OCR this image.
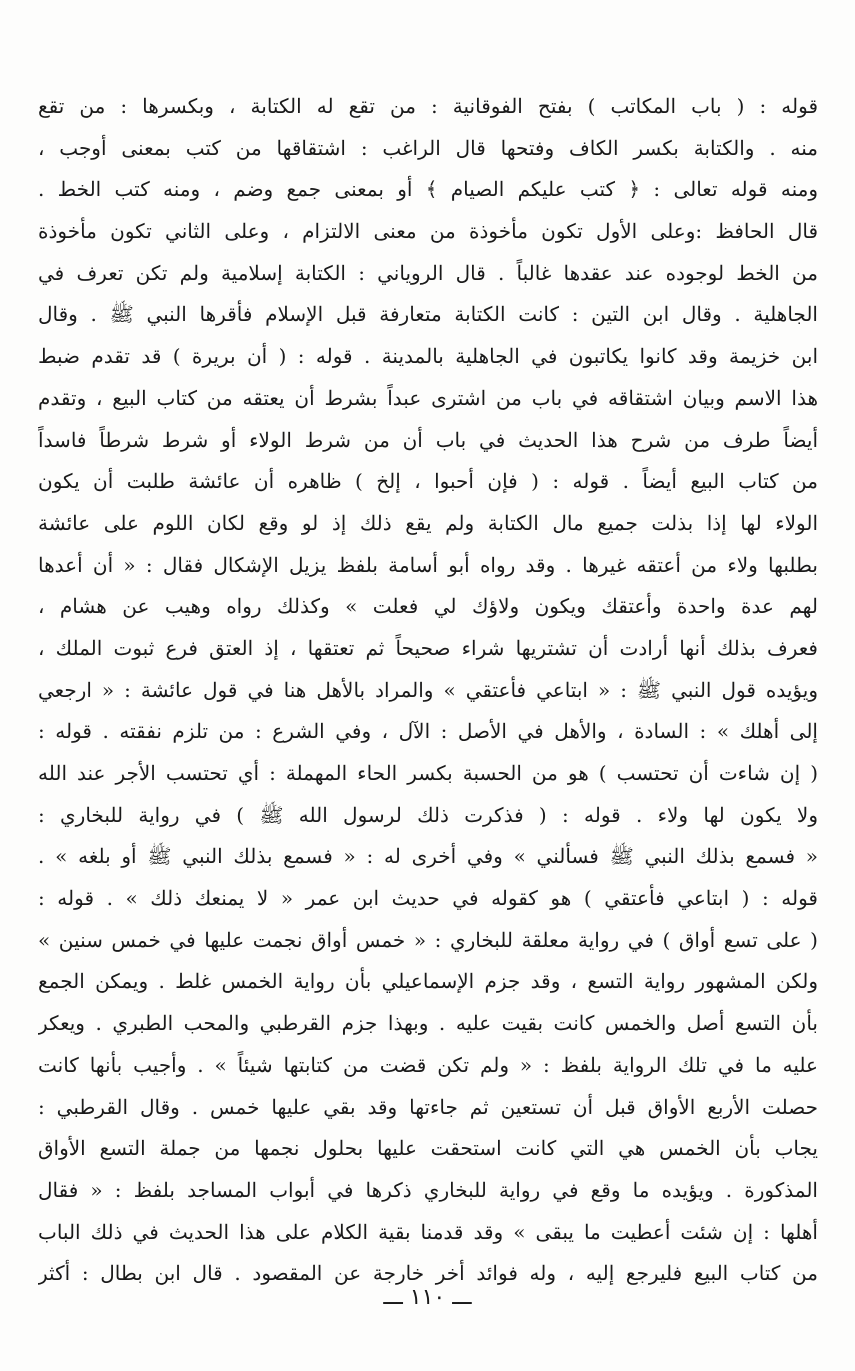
قوله : ( باب المكاتب ) بفتح الفوقانية : من تقع له الكتابة ، وبكسرها : من تقع
منه . والكتابة بكسر الكاف وفتحها قال الراغب : اشتقاقها من كتب بمعنى أوجب ،
ومنه قوله تعالى : ﴿ كتب عليكم الصيام ﴾ أو بمعنى جمع وضم ، ومنه كتب الخط .
قال الحافظ :وعلى الأول تكون مأخوذة من معنى الالتزام ، وعلى الثاني تكون مأخوذة
من الخط لوجوده عند عقدها غالباً . قال الروياني : الكتابة إسلامية ولم تكن تعرف في
الجاهلية . وقال ابن التين : كانت الكتابة متعارفة قبل الإسلام فأقرها النبي ﷺ . وقال
ابن خزيمة وقد كانوا يكاتبون في الجاهلية بالمدينة . قوله : ( أن بريرة ) قد تقدم ضبط
هذا الاسم وبيان اشتقاقه في باب من اشترى عبداً بشرط أن يعتقه من كتاب البيع ، وتقدم
أيضاً طرف من شرح هذا الحديث في باب أن من شرط الولاء أو شرط شرطاً فاسداً
من كتاب البيع أيضاً . قوله : ( فإن أحبوا ، إلخ ) ظاهره أن عائشة طلبت أن يكون
الولاء لها إذا بذلت جميع مال الكتابة ولم يقع ذلك إذ لو وقع لكان اللوم على عائشة
بطلبها ولاء من أعتقه غيرها . وقد رواه أبو أسامة بلفظ يزيل الإشكال فقال : « أن أعدها
لهم عدة واحدة وأعتقك ويكون ولاؤك لي فعلت » وكذلك رواه وهيب عن هشام ،
فعرف بذلك أنها أرادت أن تشتريها شراء صحيحاً ثم تعتقها ، إذ العتق فرع ثبوت الملك ،
ويؤيده قول النبي ﷺ : « ابتاعي فأعتقي » والمراد بالأهل هنا في قول عائشة : « ارجعي
إلى أهلك » : السادة ، والأهل في الأصل : الآل ، وفي الشرع : من تلزم نفقته . قوله :
( إن شاءت أن تحتسب ) هو من الحسبة بكسر الحاء المهملة : أي تحتسب الأجر عند الله
ولا يكون لها ولاء . قوله : ( فذكرت ذلك لرسول الله ﷺ ) في رواية للبخاري :
« فسمع بذلك النبي ﷺ فسألني » وفي أخرى له : « فسمع بذلك النبي ﷺ أو بلغه » .
قوله : ( ابتاعي فأعتقي ) هو كقوله في حديث ابن عمر « لا يمنعك ذلك » . قوله :
( على تسع أواق ) في رواية معلقة للبخاري : « خمس أواق نجمت عليها في خمس سنين »
ولكن المشهور رواية التسع ، وقد جزم الإسماعيلي بأن رواية الخمس غلط . ويمكن الجمع
بأن التسع أصل والخمس كانت بقيت عليه . وبهذا جزم القرطبي والمحب الطبري . ويعكر
عليه ما في تلك الرواية بلفظ : « ولم تكن قضت من كتابتها شيئاً » . وأجيب بأنها كانت
حصلت الأربع الأواق قبل أن تستعين ثم جاءتها وقد بقي عليها خمس . وقال القرطبي :
يجاب بأن الخمس هي التي كانت استحقت عليها بحلول نجمها من جملة التسع الأواق
المذكورة . ويؤيده ما وقع في رواية للبخاري ذكرها في أبواب المساجد بلفظ : « فقال
أهلها : إن شئت أعطيت ما يبقى » وقد قدمنا بقية الكلام على هذا الحديث في ذلك الباب
من كتاب البيع فليرجع إليه ، وله فوائد أخر خارجة عن المقصود . قال ابن بطال : أكثر
ـــ ١١٠ ـــ
